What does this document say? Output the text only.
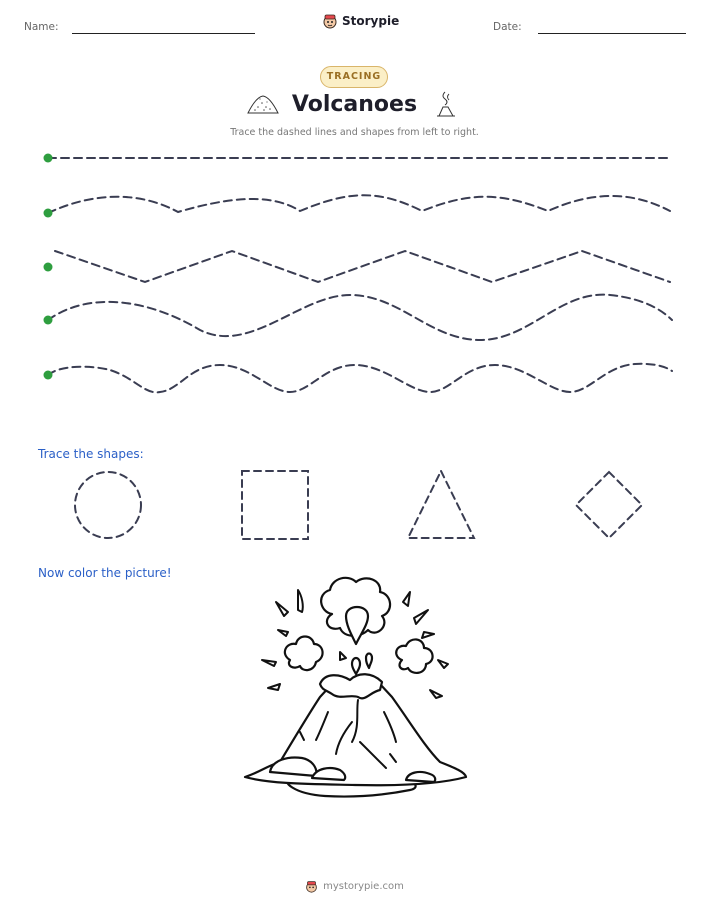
Name:	Storypie	Date:
TRACING
Volcanoes
Trace the dashed lines and shapes from left to right.
Trace the shapes:
Now color the picture!
mystorypie.com
